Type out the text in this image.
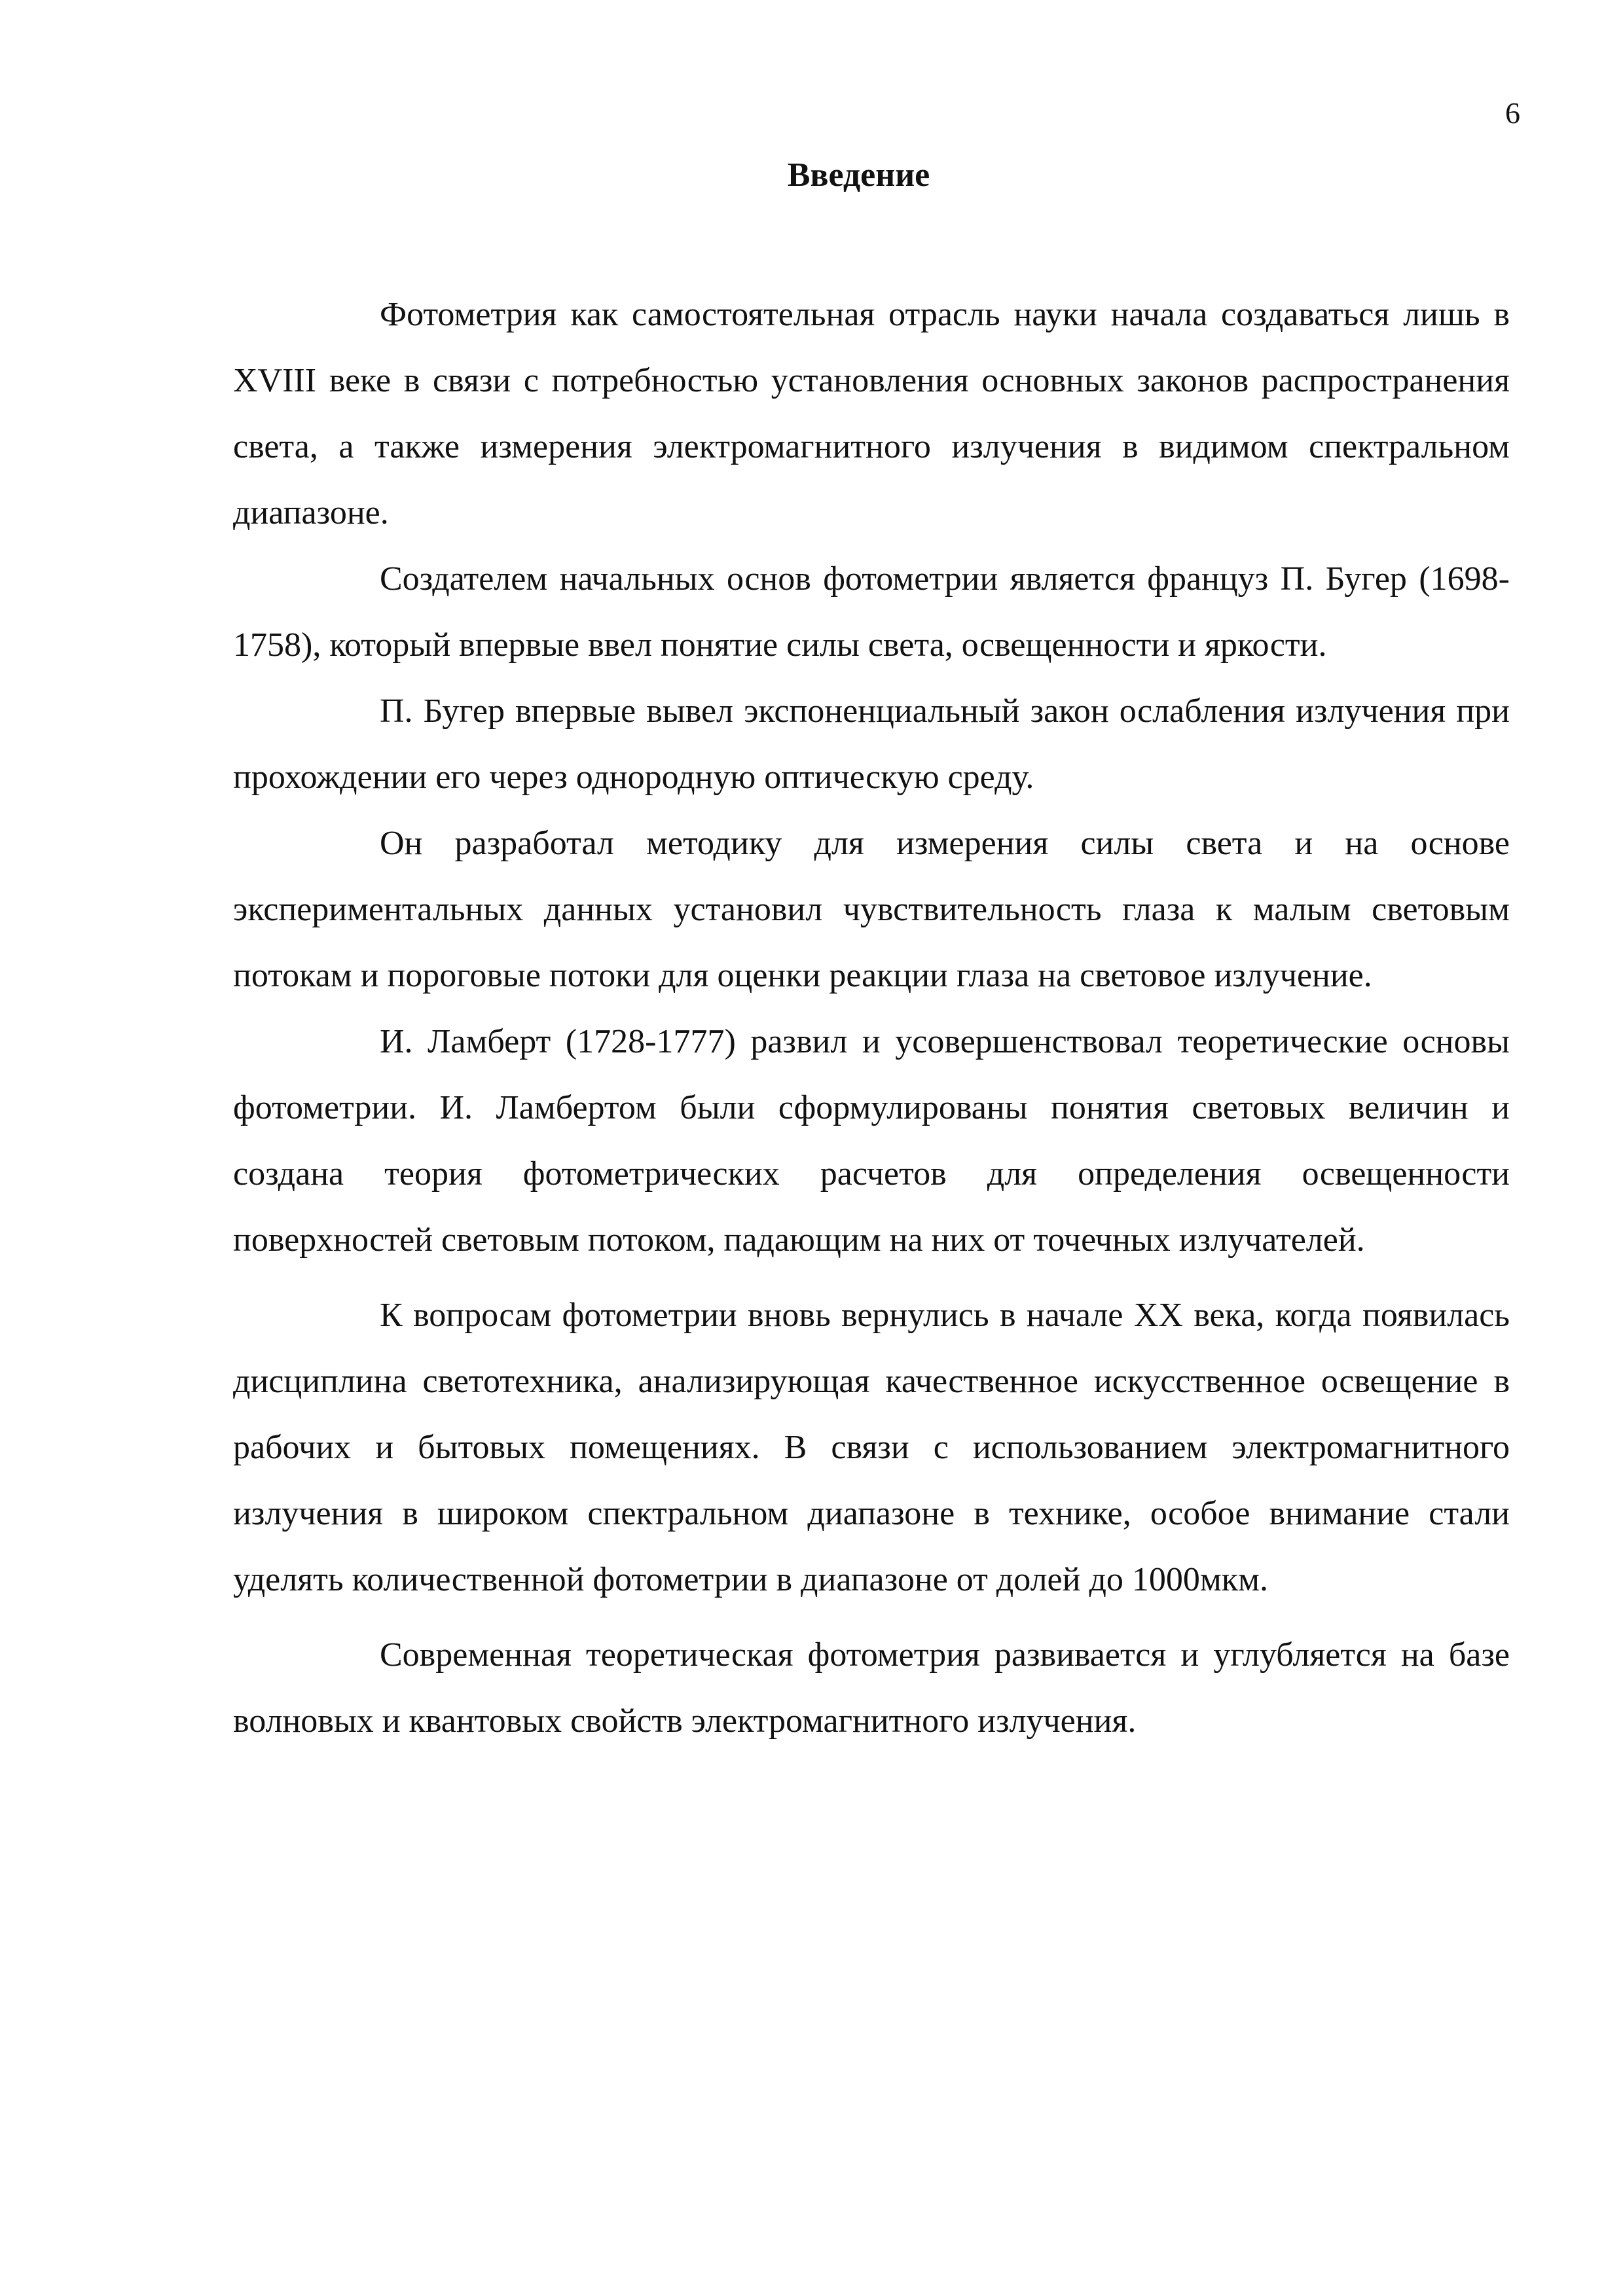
6
Введение

Фотометрия как самостоятельная отрасль науки начала создаваться лишь в XVIII веке в связи с потребностью установления основных законов распространения света, а также измерения электромагнитного излучения в видимом спектральном диапазоне.

Создателем начальных основ фотометрии является француз П. Бугер (1698-1758), который впервые ввел понятие силы света, освещенности и яркости.

П. Бугер впервые вывел экспоненциальный закон ослабления излучения при прохождении его через однородную оптическую среду.

Он разработал методику для измерения силы света и на основе экспериментальных данных установил чувствительность глаза к малым световым потокам и пороговые потоки для оценки реакции глаза на световое излучение.

И. Ламберт (1728-1777) развил и усовершенствовал теоретические основы фотометрии. И. Ламбертом были сформулированы понятия световых величин и создана теория фотометрических расчетов для определения освещенности поверхностей световым потоком, падающим на них от точечных излучателей.

К вопросам фотометрии вновь вернулись в начале XX века, когда появилась дисциплина светотехника, анализирующая качественное искусственное освещение в рабочих и бытовых помещениях. В связи с использованием электромагнитного излучения в широком спектральном диапазоне в технике, особое внимание стали уделять количественной фотометрии в диапазоне от долей до 1000мкм.

Современная теоретическая фотометрия развивается и углубляется на базе волновых и квантовых свойств электромагнитного излучения.
